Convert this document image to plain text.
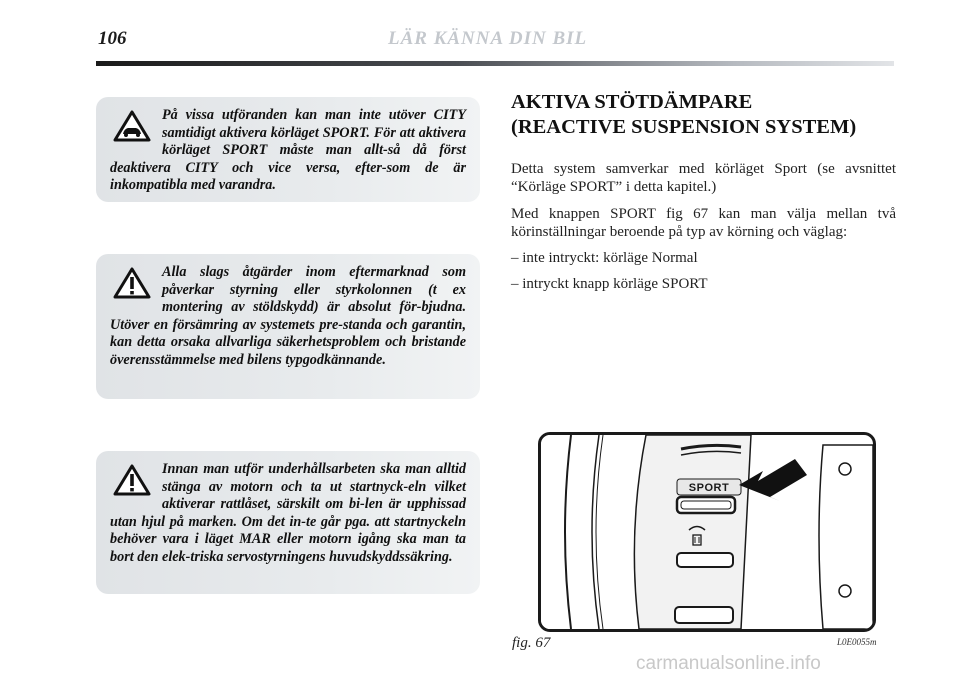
106	LÄR KÄNNA DIN BIL

På vissa utföranden kan man inte utöver CITY samtidigt aktivera körläget SPORT. För att aktivera körläget SPORT måste man allt-så då först deaktivera CITY och vice versa, efter-som de är inkompatibla med varandra.

Alla slags åtgärder inom eftermarknad som påverkar styrning eller styrkolonnen (t ex montering av stöldskydd) är absolut för-bjudna. Utöver en försämring av systemets pre-standa och garantin, kan detta orsaka allvarliga säkerhetsproblem och bristande överensstämmelse med bilens typgodkännande.

Innan man utför underhållsarbeten ska man alltid stänga av motorn och ta ut startnyck-eln vilket aktiverar rattlåset, särskilt om bi-len är upphissad utan hjul på marken. Om det in-te går pga. att startnyckeln behöver vara i läget MAR eller motorn igång ska man ta bort den elek-triska servostyrningens huvudskyddssäkring.

AKTIVA STÖTDÄMPARE
(REACTIVE SUSPENSION SYSTEM)

Detta system samverkar med körläget Sport (se avsnittet “Körläge SPORT” i detta kapitel.)

Med knappen SPORT fig 67 kan man välja mellan två körinställningar beroende på typ av körning och väglag:

– inte intryckt: körläge Normal

– intryckt knapp körläge SPORT

SPORT
fig. 67	L0E0055m
carmanualsonline.info
